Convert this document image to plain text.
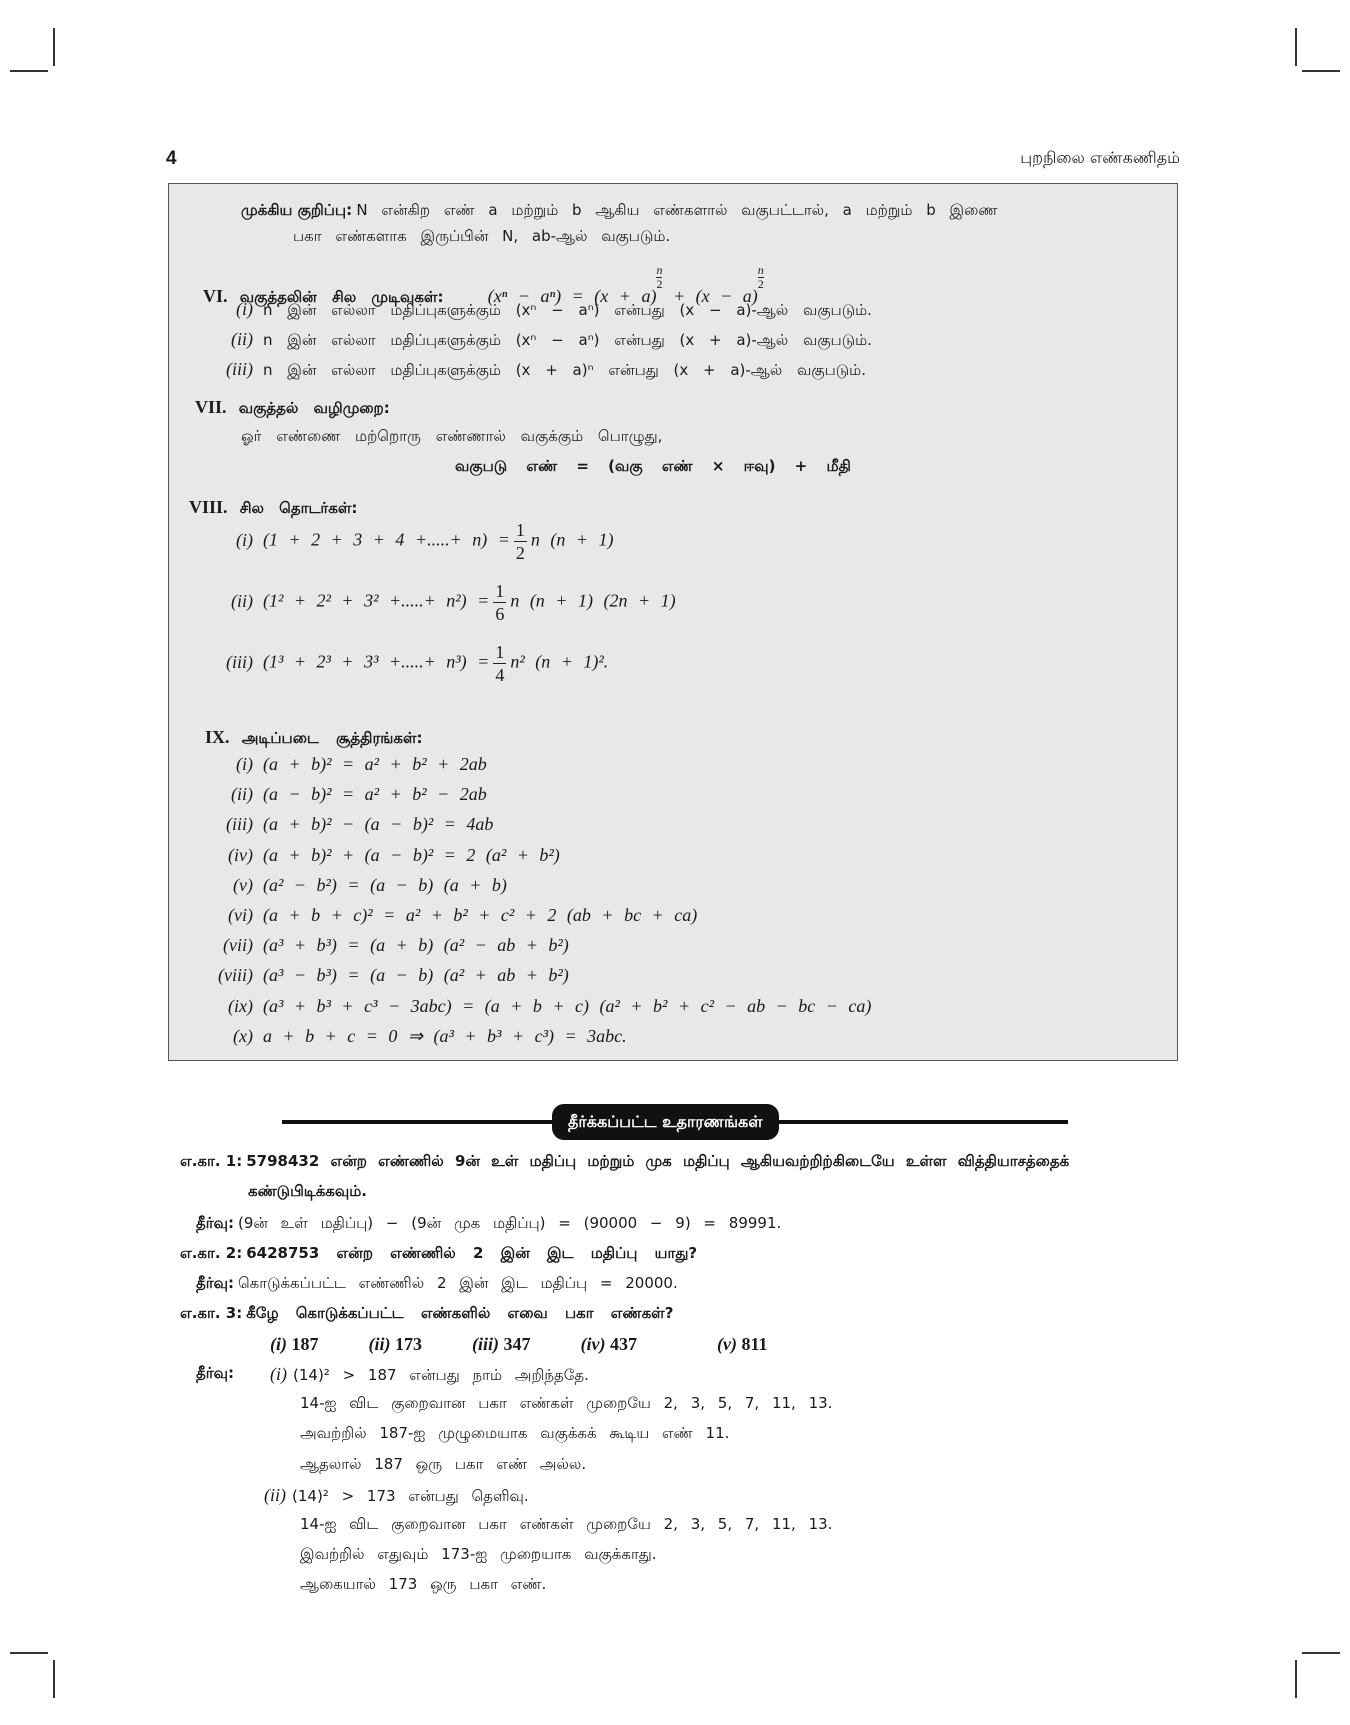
4	புறநிலை எண்கணிதம்
முக்கிய குறிப்பு: N என்கிற எண் a மற்றும் b ஆகிய எண்களால் வகுபட்டால், a மற்றும் b இணை
பகா எண்களாக இருப்பின் N, ab-ஆல் வகுபடும்.
VI. வகுத்தலின் சில முடிவுகள்: (xⁿ − aⁿ) = (x + a)
$\frac{n}{2}$
+ (x − a)
$\frac{n}{2}$
(i) n இன் எல்லா மதிப்புகளுக்கும் (xⁿ − aⁿ) என்பது (x − a)-ஆல் வகுபடும்.
(ii) n இன் எல்லா மதிப்புகளுக்கும் (xⁿ − aⁿ) என்பது (x + a)-ஆல் வகுபடும்.
(iii) n இன் எல்லா மதிப்புகளுக்கும் (x + a)ⁿ என்பது (x + a)-ஆல் வகுபடும்.
VII. வகுத்தல் வழிமுறை:
ஓர் எண்ணை மற்றொரு எண்ணால் வகுக்கும் பொழுது,
வகுபடு எண் = (வகு எண் × ஈவு) + மீதி
VIII. சில தொடர்கள்:
(i) (1 + 2 + 3 + 4 +.....+ $n) = \frac{1}{2}$ n (n + 1)
(ii) (1² + 2² + 3² +.....+ $n^2) = \frac{1}{6}$ n (n + 1) (2n + 1)
(iii) (1³ + 2³ + 3³ +.....+ $n^3) = \frac{1}{4} n^2$ (n + 1)².
IX. அடிப்படை சூத்திரங்கள்:
(i) (a + b)² = a² + b² + 2ab
(ii) (a − b)² = a² + b² − 2ab
(iii) (a + b)² − (a − b)² = 4ab
(iv) (a + b)² + (a − b)² = 2 (a² + b²)
(v) (a² − b²) = (a − b) (a + b)
(vi) (a + b + c)² = a² + b² + c² + 2 (ab + bc + ca)
(vii) (a³ + b³) = (a + b) (a² − ab + b²)
(viii) (a³ − b³) = (a − b) (a² + ab + b²)
(ix) (a³ + b³ + c³ − 3abc) = (a + b + c) (a² + b² + c² − ab − bc − ca)
(x) a + b + c = 0 ⇒ (a³ + b³ + c³) = 3abc.
தீர்க்கப்பட்ட உதாரணங்கள்
எ.கா. 1: 5798432 என்ற எண்ணில் 9ன் உள் மதிப்பு மற்றும் முக மதிப்பு ஆகியவற்றிற்கிடையே உள்ள வித்தியாசத்தைக்
கண்டுபிடிக்கவும்.
தீர்வு: (9ன் உள் மதிப்பு) − (9ன் முக மதிப்பு) = (90000 − 9) = 89991.
எ.கா. 2: 6428753 என்ற எண்ணில் 2 இன் இட மதிப்பு யாது?
தீர்வு: கொடுக்கப்பட்ட எண்ணில் 2 இன் இட மதிப்பு = 20000.
எ.கா. 3: கீழே கொடுக்கப்பட்ட எண்களில் எவை பகா எண்கள்?
(i) 187	(ii) 173	(iii) 347	(iv) 437	(v) 811
தீர்வு: (i) (14)² > 187 என்பது நாம் அறிந்ததே.
14-ஐ விட குறைவான பகா எண்கள் முறையே 2, 3, 5, 7, 11, 13.
அவற்றில் 187-ஐ முழுமையாக வகுக்கக் கூடிய எண் 11.
ஆதலால் 187 ஒரு பகா எண் அல்ல.
(ii) (14)² > 173 என்பது தெளிவு.
14-ஐ விட குறைவான பகா எண்கள் முறையே 2, 3, 5, 7, 11, 13.
இவற்றில் எதுவும் 173-ஐ முறையாக வகுக்காது.
ஆகையால் 173 ஒரு பகா எண்.
